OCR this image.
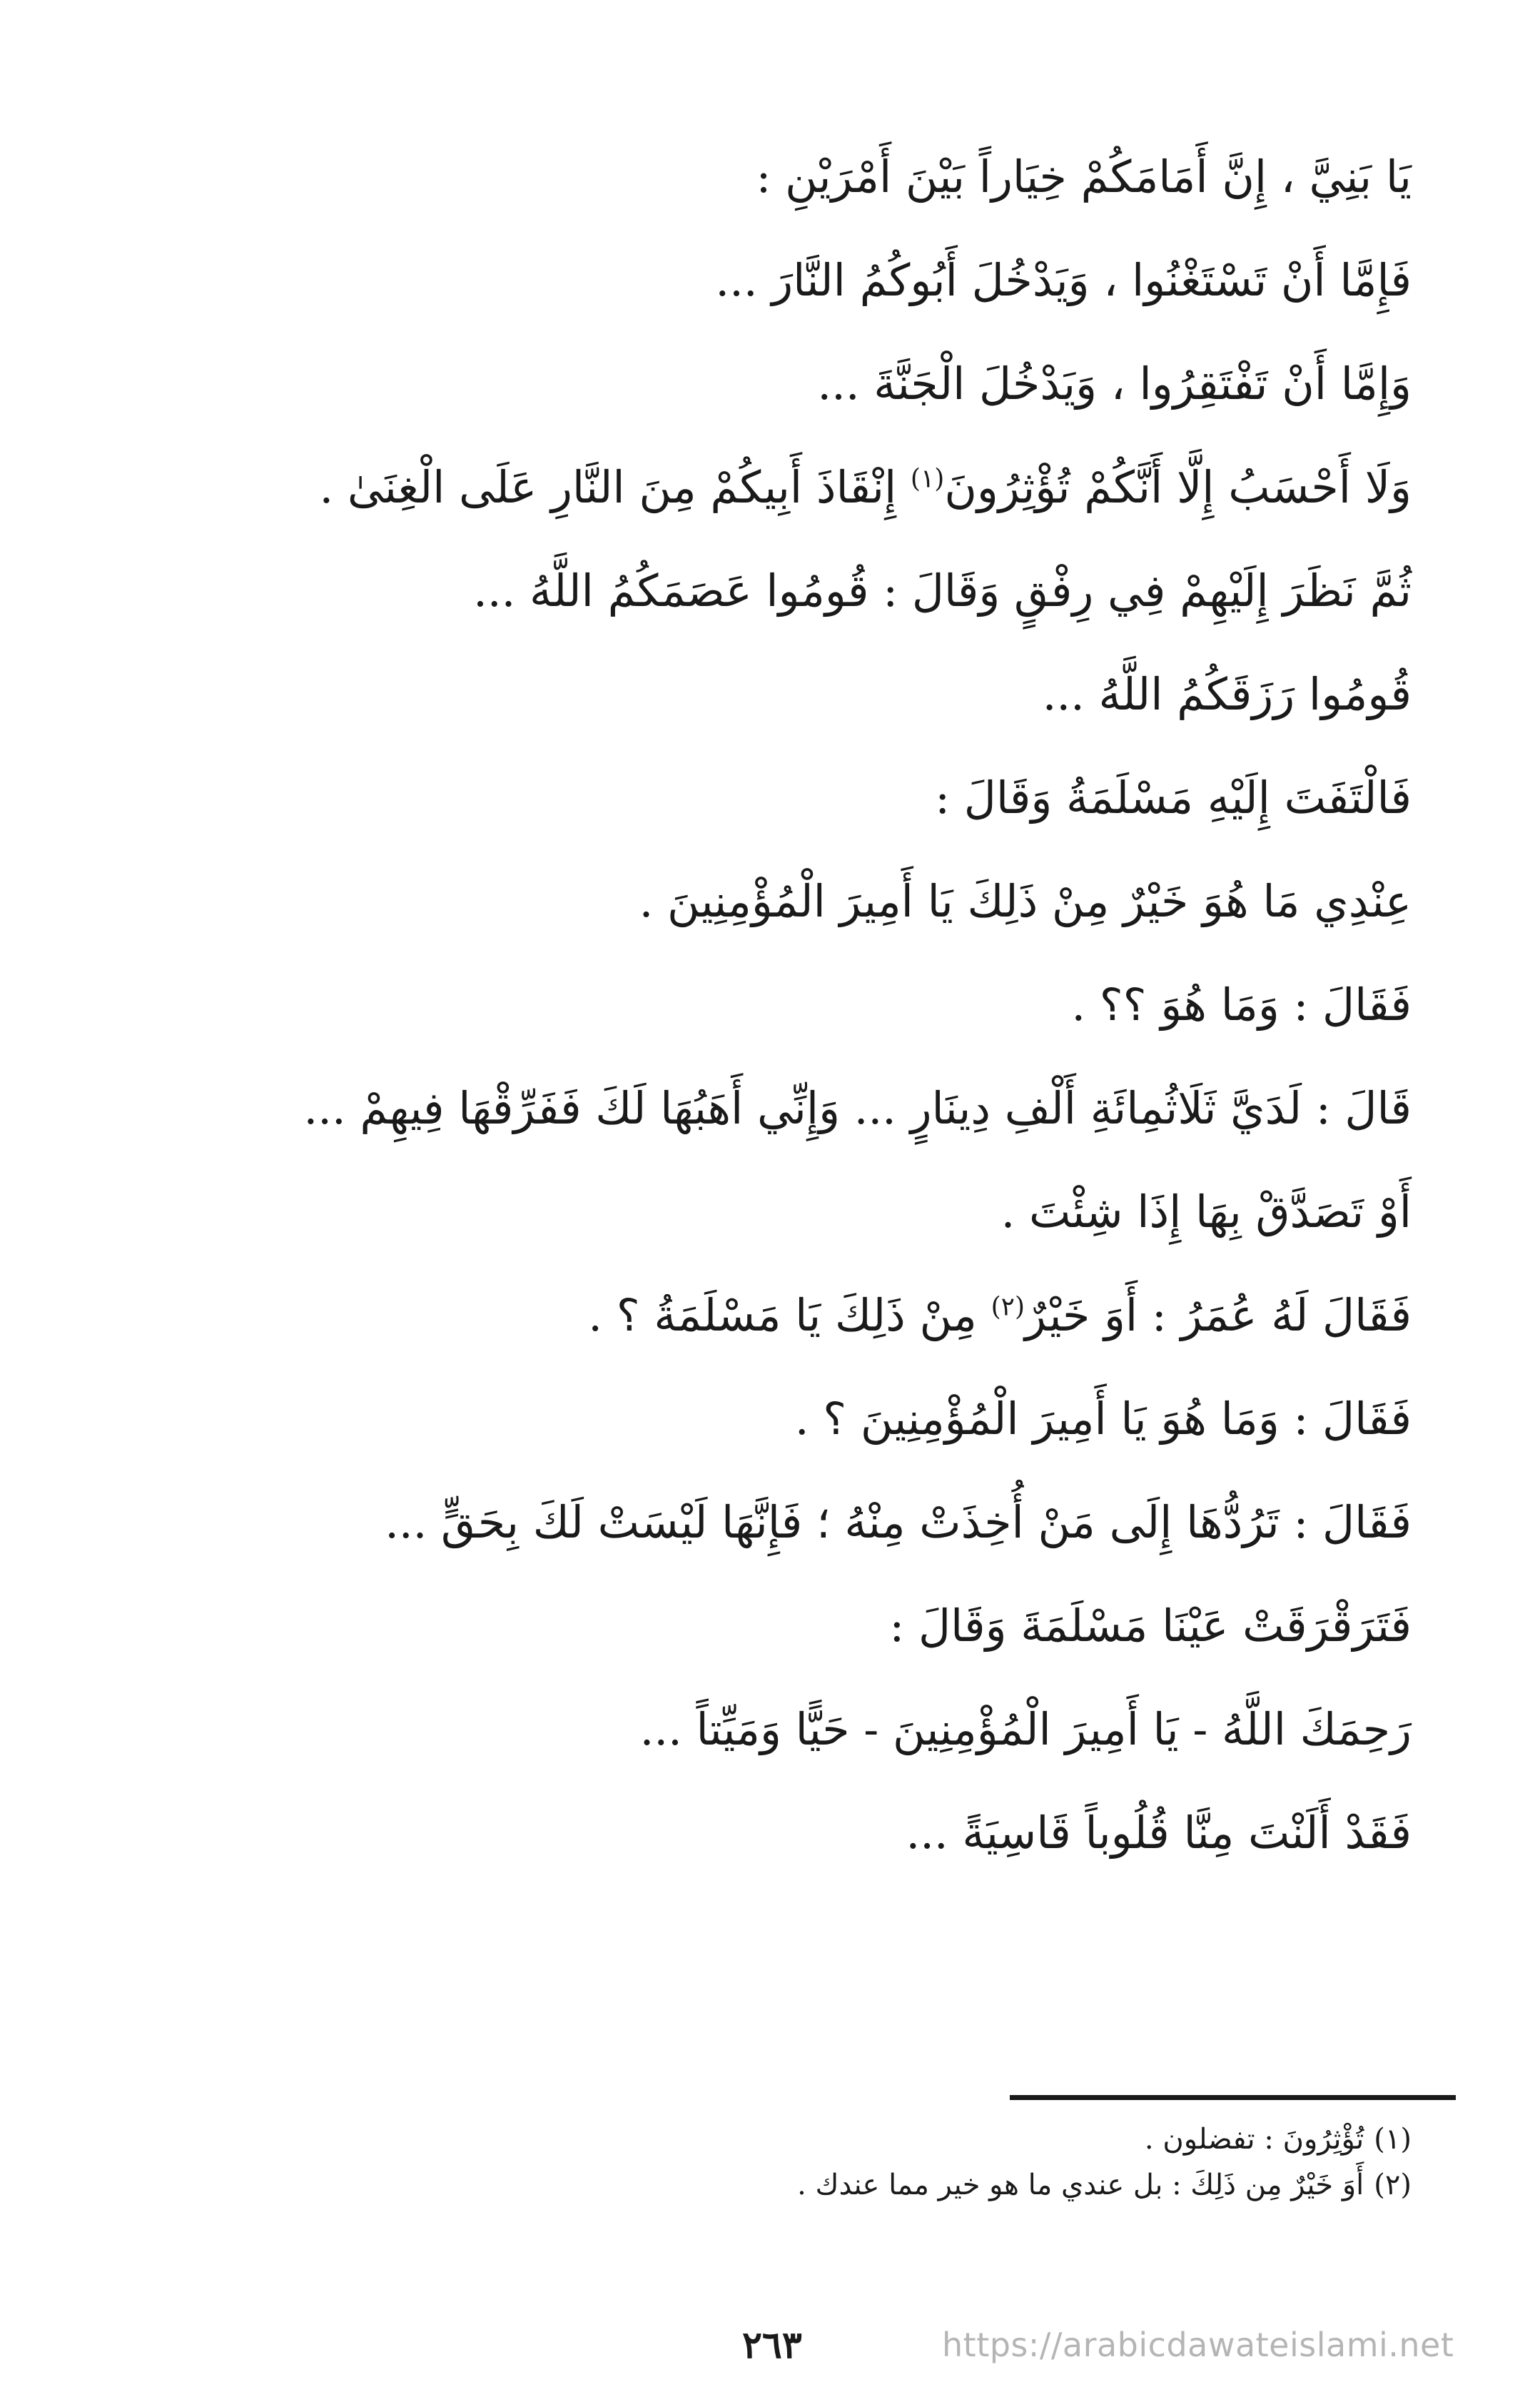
يَا بَنِيَّ ، إِنَّ أَمَامَكُمْ خِيَاراً بَيْنَ أَمْرَيْنِ :
فَإِمَّا أَنْ تَسْتَغْنُوا ، وَيَدْخُلَ أَبُوكُمُ النَّارَ ...
وَإِمَّا أَنْ تَفْتَقِرُوا ، وَيَدْخُلَ الْجَنَّةَ ...
وَلَا أَحْسَبُ إِلَّا أَنَّكُمْ تُؤْثِرُونَ$^{(١)}$ إِنْقَاذَ أَبِيكُمْ مِنَ النَّارِ عَلَى الْغِنَىٰ .
ثُمَّ نَظَرَ إِلَيْهِمْ فِي رِفْقٍ وَقَالَ : قُومُوا عَصَمَكُمُ اللَّهُ ...
قُومُوا رَزَقَكُمُ اللَّهُ ...
فَالْتَفَتَ إِلَيْهِ مَسْلَمَةُ وَقَالَ :
عِنْدِي مَا هُوَ خَيْرٌ مِنْ ذَلِكَ يَا أَمِيرَ الْمُؤْمِنِينَ .
فَقَالَ : وَمَا هُوَ ؟؟ .
قَالَ : لَدَيَّ ثَلَاثُمِائَةِ أَلْفِ دِينَارٍ ... وَإِنِّي أَهَبُهَا لَكَ فَفَرِّقْهَا فِيهِمْ ...
أَوْ تَصَدَّقْ بِهَا إِذَا شِئْتَ .
فَقَالَ لَهُ عُمَرُ : أَوَ خَيْرٌ$^{(٢)}$ مِنْ ذَلِكَ يَا مَسْلَمَةُ ؟ .
فَقَالَ : وَمَا هُوَ يَا أَمِيرَ الْمُؤْمِنِينَ ؟ .
فَقَالَ : تَرُدُّهَا إِلَى مَنْ أُخِذَتْ مِنْهُ ؛ فَإِنَّهَا لَيْسَتْ لَكَ بِحَقٍّ ...
فَتَرَقْرَقَتْ عَيْنَا مَسْلَمَةَ وَقَالَ :
رَحِمَكَ اللَّهُ - يَا أَمِيرَ الْمُؤْمِنِينَ - حَيًّا وَمَيِّتاً ...
فَقَدْ أَلَنْتَ مِنَّا قُلُوباً قَاسِيَةً ...
(١)تُؤْثِرُونَ : تفضلون .
(٢)أَوَ خَيْرٌ مِن ذَلِكَ : بل عندي ما هو خير مما عندك .
٢٦٣	https://arabicdawateislami.net
